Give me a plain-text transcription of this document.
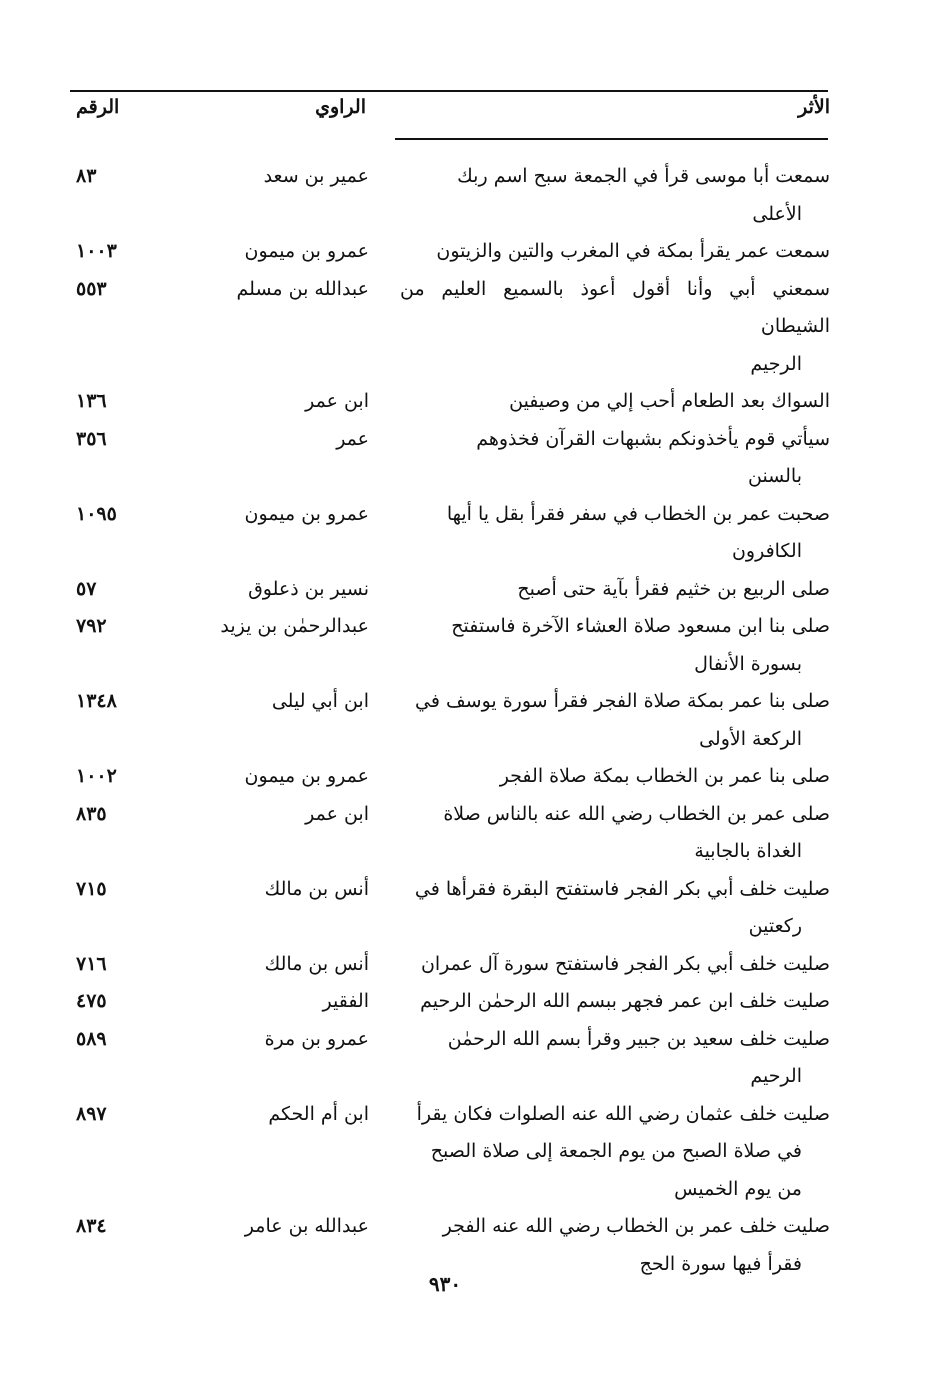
الأثر
الراوي
الرقم
سمعت أبا موسى قرأ في الجمعة سبح اسم ربك
الأعلى
عمير بن سعد
٨٣
سمعت عمر يقرأ بمكة في المغرب والتين والزيتون
عمرو بن ميمون
١٠٠٣
سمعني أبي وأنا أقول أعوذ بالسميع العليم من الشيطان
الرجيم
عبدالله بن مسلم
٥٥٣
السواك بعد الطعام أحب إلي من وصيفين
ابن عمر
١٣٦
سيأتي قوم يأخذونكم بشبهات القرآن فخذوهم
بالسنن
عمر
٣٥٦
صحبت عمر بن الخطاب في سفر فقرأ بقل يا أيها
الكافرون
عمرو بن ميمون
١٠٩٥
صلى الربيع بن خثيم فقرأ بآية حتى أصبح
نسير بن ذعلوق
٥٧
صلى بنا ابن مسعود صلاة العشاء الآخرة فاستفتح
بسورة الأنفال
عبدالرحمٰن بن يزيد
٧٩٢
صلى بنا عمر بمكة صلاة الفجر فقرأ سورة يوسف في
الركعة الأولى
ابن أبي ليلى
١٣٤٨
صلى بنا عمر بن الخطاب بمكة صلاة الفجر
عمرو بن ميمون
١٠٠٢
صلى عمر بن الخطاب رضي الله عنه بالناس صلاة
الغداة بالجابية
ابن عمر
٨٣٥
صليت خلف أبي بكر الفجر فاستفتح البقرة فقرأها في
ركعتين
أنس بن مالك
٧١٥
صليت خلف أبي بكر الفجر فاستفتح سورة آل عمران
أنس بن مالك
٧١٦
صليت خلف ابن عمر فجهر ببسم الله الرحمٰن الرحيم
الفقير
٤٧٥
صليت خلف سعيد بن جبير وقرأ بسم الله الرحمٰن
الرحيم
عمرو بن مرة
٥٨٩
صليت خلف عثمان رضي الله عنه الصلوات فكان يقرأ
في صلاة الصبح من يوم الجمعة إلى صلاة الصبح
من يوم الخميس
ابن أم الحكم
٨٩٧
صليت خلف عمر بن الخطاب رضي الله عنه الفجر
فقرأ فيها سورة الحج
عبدالله بن عامر
٨٣٤
٩٣٠
